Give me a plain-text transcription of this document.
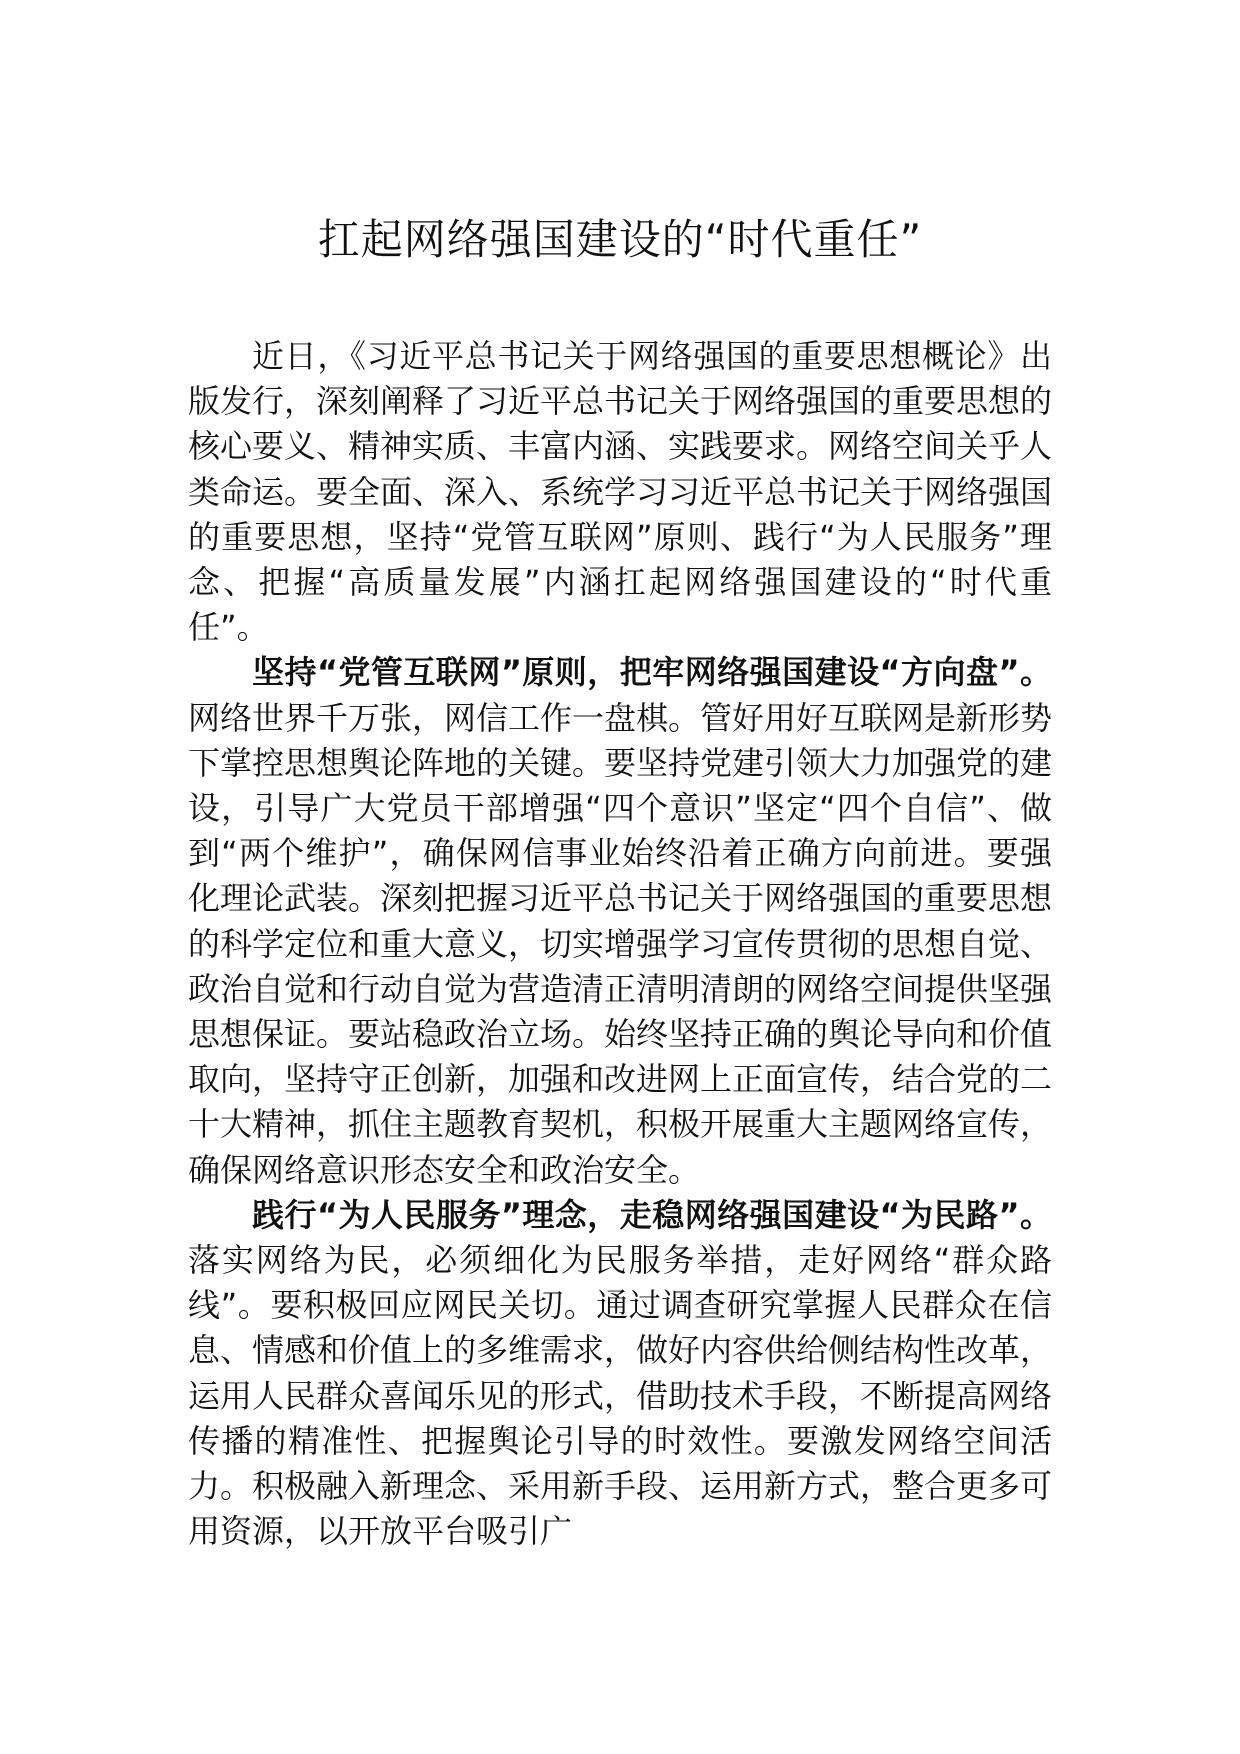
扛起网络强国建设的“时代重任”

近日，《习近平总书记关于网络强国的重要思想概论》出版发行，深刻阐释了习近平总书记关于网络强国的重要思想的核心要义、精神实质、丰富内涵、实践要求。网络空间关乎人类命运。要全面、深入、系统学习习近平总书记关于网络强国的重要思想，坚持“党管互联网”原则、践行“为人民服务”理念、把握“高质量发展”内涵扛起网络强国建设的“时代重任”。

坚持“党管互联网”原则，把牢网络强国建设“方向盘”。网络世界千万张，网信工作一盘棋。管好用好互联网是新形势下掌控思想舆论阵地的关键。要坚持党建引领大力加强党的建设，引导广大党员干部增强“四个意识”坚定“四个自信”、做到“两个维护”，确保网信事业始终沿着正确方向前进。要强化理论武装。深刻把握习近平总书记关于网络强国的重要思想的科学定位和重大意义，切实增强学习宣传贯彻的思想自觉、政治自觉和行动自觉为营造清正清明清朗的网络空间提供坚强思想保证。要站稳政治立场。始终坚持正确的舆论导向和价值取向，坚持守正创新，加强和改进网上正面宣传，结合党的二十大精神，抓住主题教育契机，积极开展重大主题网络宣传，确保网络意识形态安全和政治安全。

践行“为人民服务”理念，走稳网络强国建设“为民路”。落实网络为民，必须细化为民服务举措，走好网络“群众路线”。要积极回应网民关切。通过调查研究掌握人民群众在信息、情感和价值上的多维需求，做好内容供给侧结构性改革，运用人民群众喜闻乐见的形式，借助技术手段，不断提高网络传播的精准性、把握舆论引导的时效性。要激发网络空间活力。积极融入新理念、采用新手段、运用新方式，整合更多可用资源，以开放平台吸引广
